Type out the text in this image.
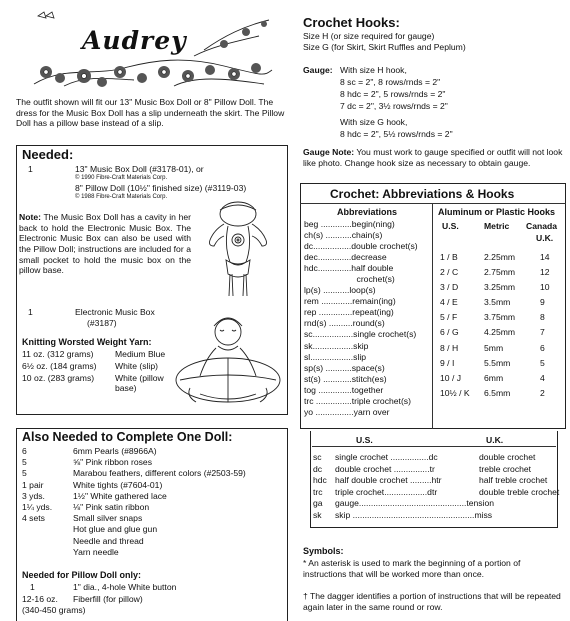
Audrey
The outfit shown will fit our 13" Music Box Doll or 8" Pillow Doll. The dress for the Music Box Doll has a slip underneath the skirt. The Pillow Doll has a pillow base instead of a slip.
Needed:
1	13" Music Box Doll (#3178-01), or
© 1990 Fibre-Craft Materials Corp.
8" Pillow Doll (10½" finished size) (#3119-03)
© 1988 Fibre-Craft Materials Corp.
Note: The Music Box Doll has a cavity in her back to hold the Electronic Music Box. The Electronic Music Box can also be used with the Pillow Doll; instructions are included for a small pocket to hold the music box on the pillow base.
1	Electronic Music Box
(#3187)
Knitting Worsted Weight Yarn:
11 oz. (312 grams)	Medium Blue
6½ oz. (184 grams) White (slip)
10 oz. (283 grams) White (pillow base)
Also Needed to Complete One Doll:
6	6mm Pearls (#8966A)
5	⅝" Pink ribbon roses
5	Marabou feathers, different colors (#2503-59)
1 pair	White tights (#7604-01)
3 yds.	1½" White gathered lace
1¼ yds. ⅛" Pink satin ribbon
4 sets	Small silver snaps
Hot glue and glue gun
Needle and thread
Yarn needle
Needed for Pillow Doll only:
1	1" dia., 4-hole White button
12-16 oz. Fiberfill (for pillow)
(340-450 grams)
Crochet Hooks:
Size H (or size required for gauge)
Size G (for Skirt, Skirt Ruffles and Peplum)
Gauge: With size H hook,
8 sc = 2", 8 rows/rnds = 2"
8 hdc = 2", 5 rows/rnds = 2"
7 dc = 2", 3½ rows/rnds = 2"
With size G hook,
8 hdc = 2", 5½ rows/rnds = 2"
Gauge Note: You must work to gauge specified or outfit will not look like photo. Change hook size as necessary to obtain gauge.
Crochet: Abbreviations & Hooks
Abbreviations
beg .............begin(ning)
ch(s) ...........chain(s)
dc................double crochet(s)
dec..............decrease
hdc..............half double
crochet(s)
lp(s) ...........loop(s)
rem .............remain(ing)
rep ..............repeat(ing)
rnd(s) ..........round(s)
sc.................single crochet(s)
sk.................skip
sl..................slip
sp(s) ...........space(s)
st(s) ............stitch(es)
tog ..............together
trc ...............triple crochet(s)
yo ................yarn over
Aluminum or Plastic Hooks
U.S.	Metric Canada
U.K.
1 / B	2.25mm	14
2 / C	2.75mm	12
3 / D	3.25mm	10
4 / E	3.5mm	9
5 / F	3.75mm	8
6 / G	4.25mm	7
8 / H	5mm	6
9 / I	5.5mm	5
10 / J	6mm	4
10½ / K 6.5mm	2
U.S.	U.K.
sc single crochet ................dc	double crochet
dc double crochet ...............tr	treble crochet
hdc half double crochet .........htr	half treble crochet
trc triple crochet..................dtr	double treble crochet
ga gauge.............................................tension
sk skip ...................................................miss
Symbols:
* An asterisk is used to mark the beginning of a portion of instructions that will be worked more than once.
† The dagger identifies a portion of instructions that will be repeated again later in the same round or row.
